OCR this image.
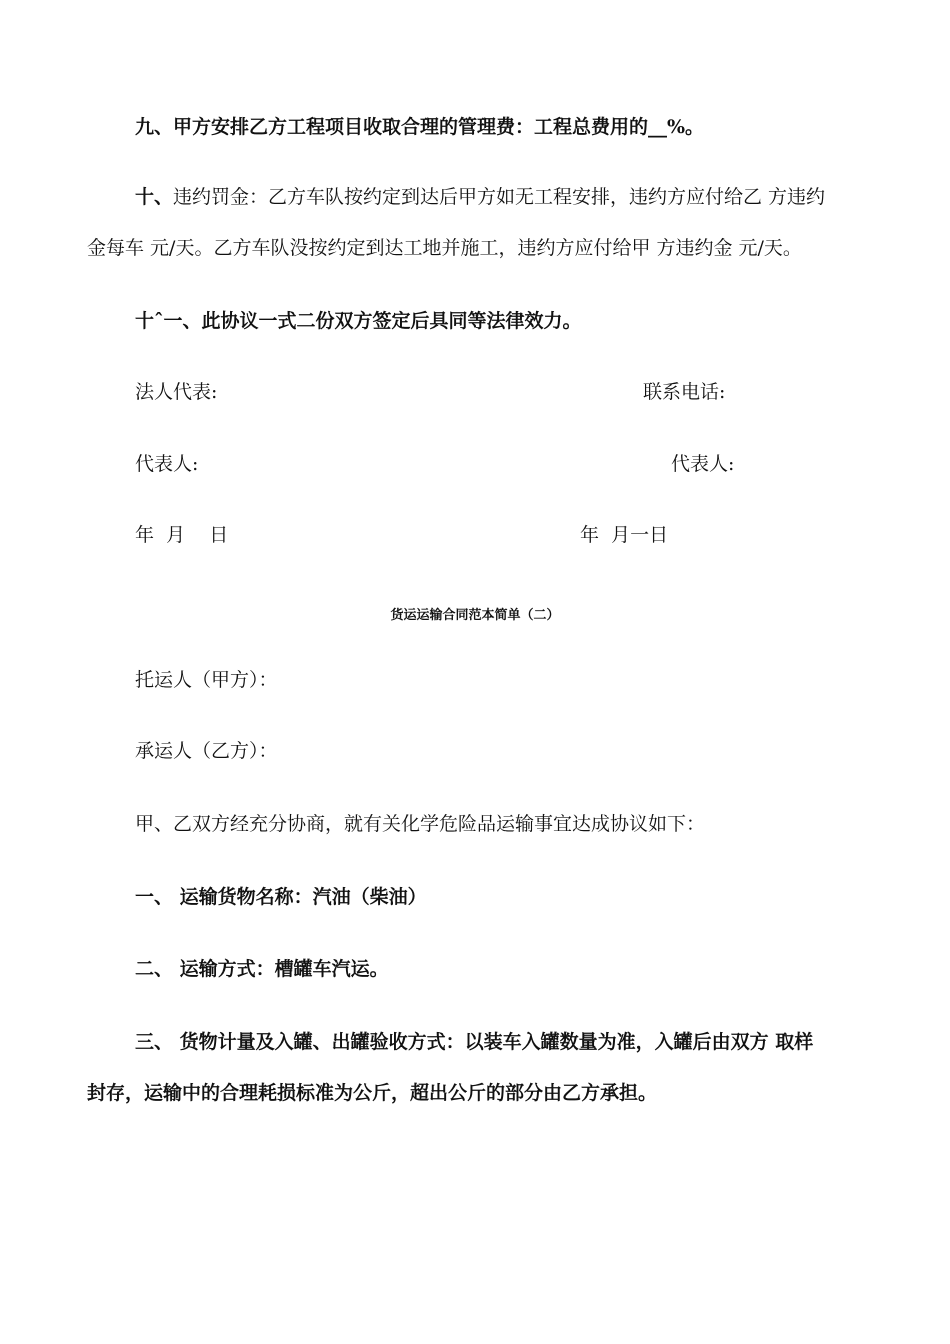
九、甲方安排乙方工程项目收取合理的管理费：工程总费用的__%。
十、违约罚金：乙方车队按约定到达后甲方如无工程安排，违约方应付给乙 方违约
金每车 元/天。乙方车队没按约定到达工地并施工，违约方应付给甲 方违约金 元/天。
十ˆ一、此协议一式二份双方签定后具同等法律效力。
法人代表:	联系电话:
代表人:	代表人:
年  月    日	年  月一日
货运运输合同范本简单（二）
托运人（甲方）：
承运人（乙方）：
甲、乙双方经充分协商，就有关化学危险品运输事宜达成协议如下：
一、 运输货物名称：汽油（柴油）
二、 运输方式：槽罐车汽运。
三、 货物计量及入罐、出罐验收方式：以装车入罐数量为准，入罐后由双方 取样
封存，运输中的合理耗损标准为公斤，超出公斤的部分由乙方承担。
